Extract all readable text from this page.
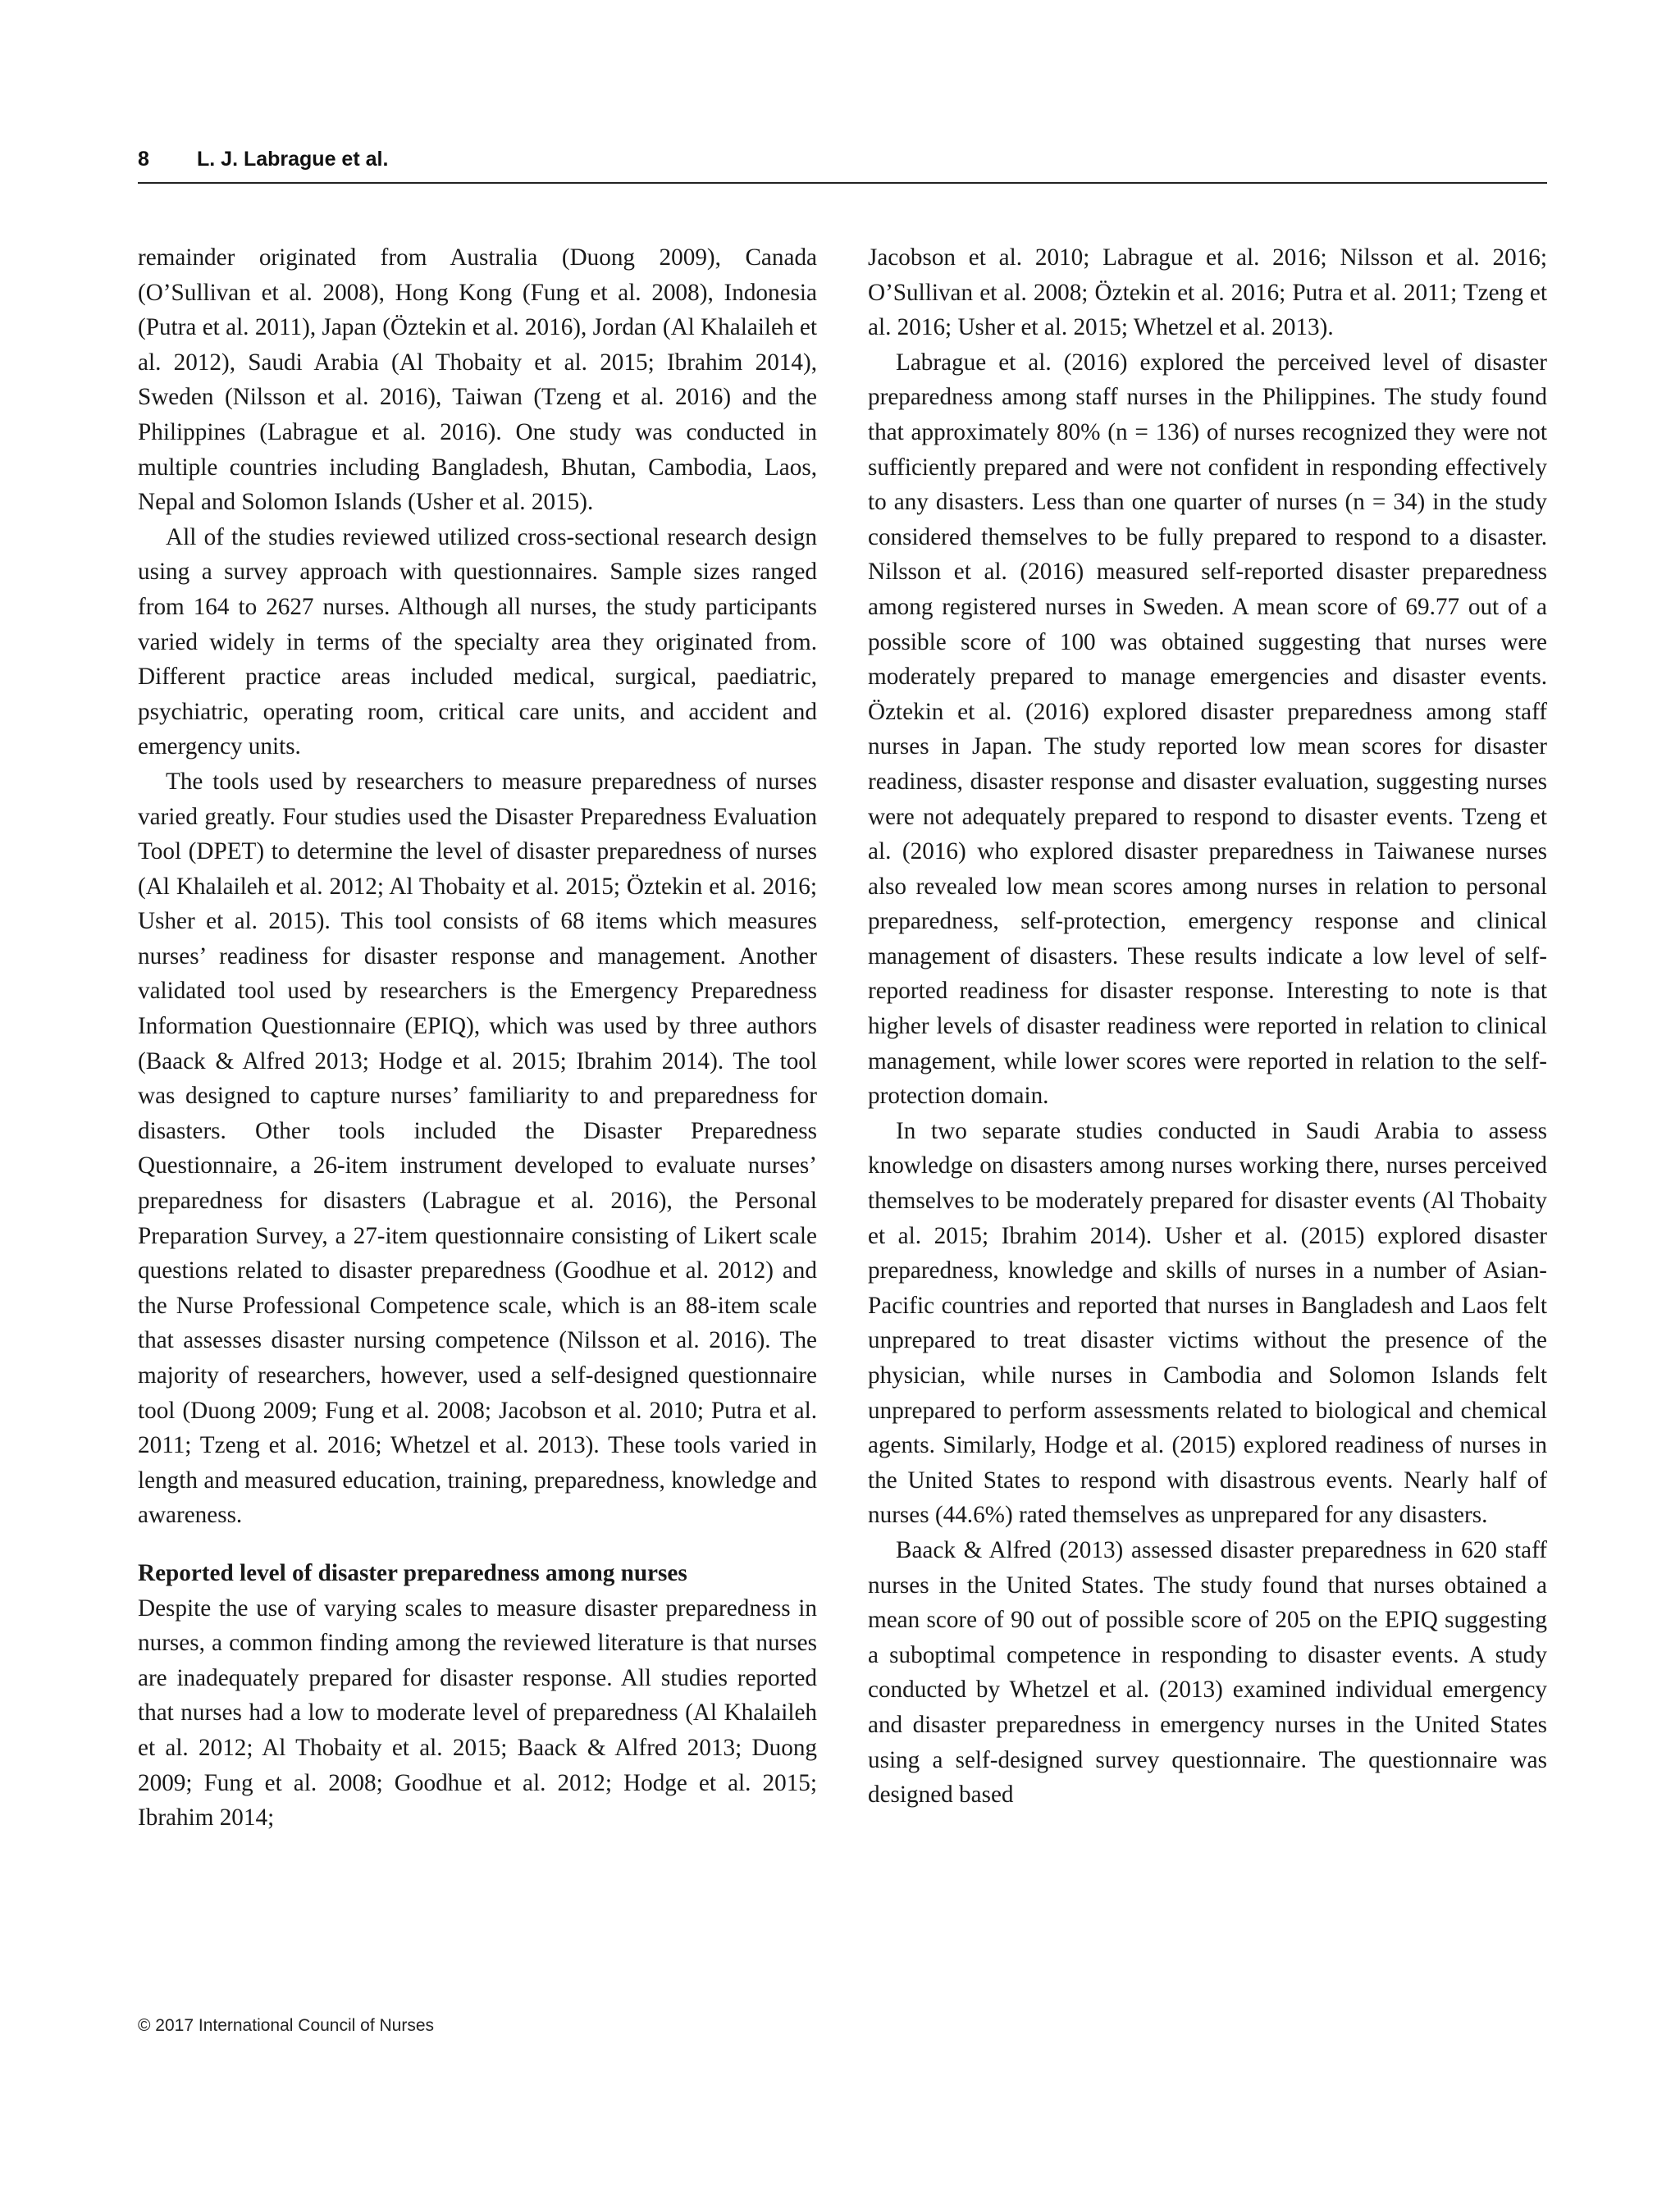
8 L. J. Labrague et al.

remainder originated from Australia (Duong 2009), Canada (O’Sullivan et al. 2008), Hong Kong (Fung et al. 2008), Indonesia (Putra et al. 2011), Japan (Öztekin et al. 2016), Jordan (Al Khalaileh et al. 2012), Saudi Arabia (Al Thobaity et al. 2015; Ibrahim 2014), Sweden (Nilsson et al. 2016), Taiwan (Tzeng et al. 2016) and the Philippines (Labrague et al. 2016). One study was conducted in multiple countries including Bangladesh, Bhutan, Cambodia, Laos, Nepal and Solomon Islands (Usher et al. 2015).

All of the studies reviewed utilized cross-sectional research design using a survey approach with questionnaires. Sample sizes ranged from 164 to 2627 nurses. Although all nurses, the study participants varied widely in terms of the specialty area they originated from. Different practice areas included medical, surgical, paediatric, psychiatric, operating room, critical care units, and accident and emergency units.

The tools used by researchers to measure preparedness of nurses varied greatly. Four studies used the Disaster Preparedness Evaluation Tool (DPET) to determine the level of disaster preparedness of nurses (Al Khalaileh et al. 2012; Al Thobaity et al. 2015; Öztekin et al. 2016; Usher et al. 2015). This tool consists of 68 items which measures nurses’ readiness for disaster response and management. Another validated tool used by researchers is the Emergency Preparedness Information Questionnaire (EPIQ), which was used by three authors (Baack & Alfred 2013; Hodge et al. 2015; Ibrahim 2014). The tool was designed to capture nurses’ familiarity to and preparedness for disasters. Other tools included the Disaster Preparedness Questionnaire, a 26-item instrument developed to evaluate nurses’ preparedness for disasters (Labrague et al. 2016), the Personal Preparation Survey, a 27-item questionnaire consisting of Likert scale questions related to disaster preparedness (Goodhue et al. 2012) and the Nurse Professional Competence scale, which is an 88-item scale that assesses disaster nursing competence (Nilsson et al. 2016). The majority of researchers, however, used a self-designed questionnaire tool (Duong 2009; Fung et al. 2008; Jacobson et al. 2010; Putra et al. 2011; Tzeng et al. 2016; Whetzel et al. 2013). These tools varied in length and measured education, training, preparedness, knowledge and awareness.

Reported level of disaster preparedness among nurses

Despite the use of varying scales to measure disaster preparedness in nurses, a common finding among the reviewed literature is that nurses are inadequately prepared for disaster response. All studies reported that nurses had a low to moderate level of preparedness (Al Khalaileh et al. 2012; Al Thobaity et al. 2015; Baack & Alfred 2013; Duong 2009; Fung et al. 2008; Goodhue et al. 2012; Hodge et al. 2015; Ibrahim 2014;

Jacobson et al. 2010; Labrague et al. 2016; Nilsson et al. 2016; O’Sullivan et al. 2008; Öztekin et al. 2016; Putra et al. 2011; Tzeng et al. 2016; Usher et al. 2015; Whetzel et al. 2013).

Labrague et al. (2016) explored the perceived level of disaster preparedness among staff nurses in the Philippines. The study found that approximately 80% (n = 136) of nurses recognized they were not sufficiently prepared and were not confident in responding effectively to any disasters. Less than one quarter of nurses (n = 34) in the study considered themselves to be fully prepared to respond to a disaster. Nilsson et al. (2016) measured self-reported disaster preparedness among registered nurses in Sweden. A mean score of 69.77 out of a possible score of 100 was obtained suggesting that nurses were moderately prepared to manage emergencies and disaster events. Öztekin et al. (2016) explored disaster preparedness among staff nurses in Japan. The study reported low mean scores for disaster readiness, disaster response and disaster evaluation, suggesting nurses were not adequately prepared to respond to disaster events. Tzeng et al. (2016) who explored disaster preparedness in Taiwanese nurses also revealed low mean scores among nurses in relation to personal preparedness, self-protection, emergency response and clinical management of disasters. These results indicate a low level of self-reported readiness for disaster response. Interesting to note is that higher levels of disaster readiness were reported in relation to clinical management, while lower scores were reported in relation to the self-protection domain.

In two separate studies conducted in Saudi Arabia to assess knowledge on disasters among nurses working there, nurses perceived themselves to be moderately prepared for disaster events (Al Thobaity et al. 2015; Ibrahim 2014). Usher et al. (2015) explored disaster preparedness, knowledge and skills of nurses in a number of Asian-Pacific countries and reported that nurses in Bangladesh and Laos felt unprepared to treat disaster victims without the presence of the physician, while nurses in Cambodia and Solomon Islands felt unprepared to perform assessments related to biological and chemical agents. Similarly, Hodge et al. (2015) explored readiness of nurses in the United States to respond with disastrous events. Nearly half of nurses (44.6%) rated themselves as unprepared for any disasters.

Baack & Alfred (2013) assessed disaster preparedness in 620 staff nurses in the United States. The study found that nurses obtained a mean score of 90 out of possible score of 205 on the EPIQ suggesting a suboptimal competence in responding to disaster events. A study conducted by Whetzel et al. (2013) examined individual emergency and disaster preparedness in emergency nurses in the United States using a self-designed survey questionnaire. The questionnaire was designed based

© 2017 International Council of Nurses
